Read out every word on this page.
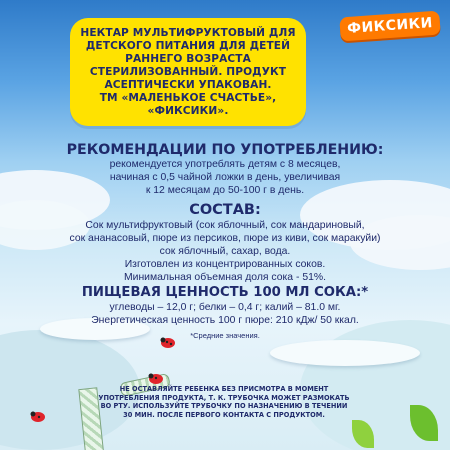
НЕКТАР МУЛЬТИФРУКТОВЫЙ ДЛЯ
ДЕТСКОГО ПИТАНИЯ ДЛЯ ДЕТЕЙ
РАННЕГО ВОЗРАСТА
СТЕРИЛИЗОВАННЫЙ. ПРОДУКТ
АСЕПТИЧЕСКИ УПАКОВАН.
ТМ «МАЛЕНЬКОЕ СЧАСТЬЕ»,
«ФИКСИКИ».
ФИКСИКИ
РЕКОМЕНДАЦИИ ПО УПОТРЕБЛЕНИЮ:
рекомендуется употреблять детям с 8 месяцев,
начиная с 0,5 чайной ложки в день, увеличивая
к 12 месяцам до 50-100 г в день.
СОСТАВ:
Сок мультифруктовый (сок яблочный, сок мандариновый,
сок ананасовый, пюре из персиков, пюре из киви, сок маракуйи)
сок яблочный, сахар, вода.
Изготовлен из концентрированных соков.
Минимальная объемная доля сока - 51%.
ПИЩЕВАЯ ЦЕННОСТЬ 100 МЛ СОКА:*
углеводы – 12,0 г; белки – 0,4 г; калий – 81.0 мг.
Энергетическая ценность 100 г пюре: 210 кДж/ 50 ккал.
*Средние значения.
НЕ ОСТАВЛЯЙТЕ РЕБЕНКА БЕЗ ПРИСМОТРА В МОМЕНТ
УПОТРЕБЛЕНИЯ ПРОДУКТА, Т. К. ТРУБОЧКА МОЖЕТ РАЗМОКАТЬ
ВО РТУ. ИСПОЛЬЗУЙТЕ ТРУБОЧКУ ПО НАЗНАЧЕНИЮ В ТЕЧЕНИИ
30 МИН. ПОСЛЕ ПЕРВОГО КОНТАКТА С ПРОДУКТОМ.
